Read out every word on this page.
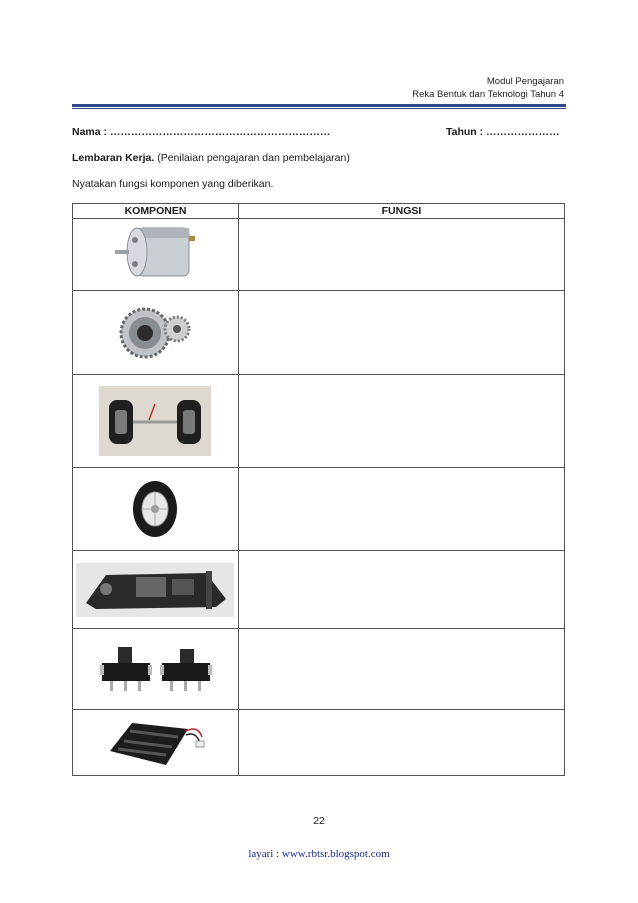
Modul Pengajaran
Reka Bentuk dan Teknologi Tahun 4
Nama : ………………………………………………………	Tahun : …………………
Lembaran Kerja. (Penilaian pengajaran dan pembelajaran)
Nyatakan fungsi komponen yang diberikan.
KOMPONEN	FUNGSI

22
layari : www.rbtsr.blogspot.com
